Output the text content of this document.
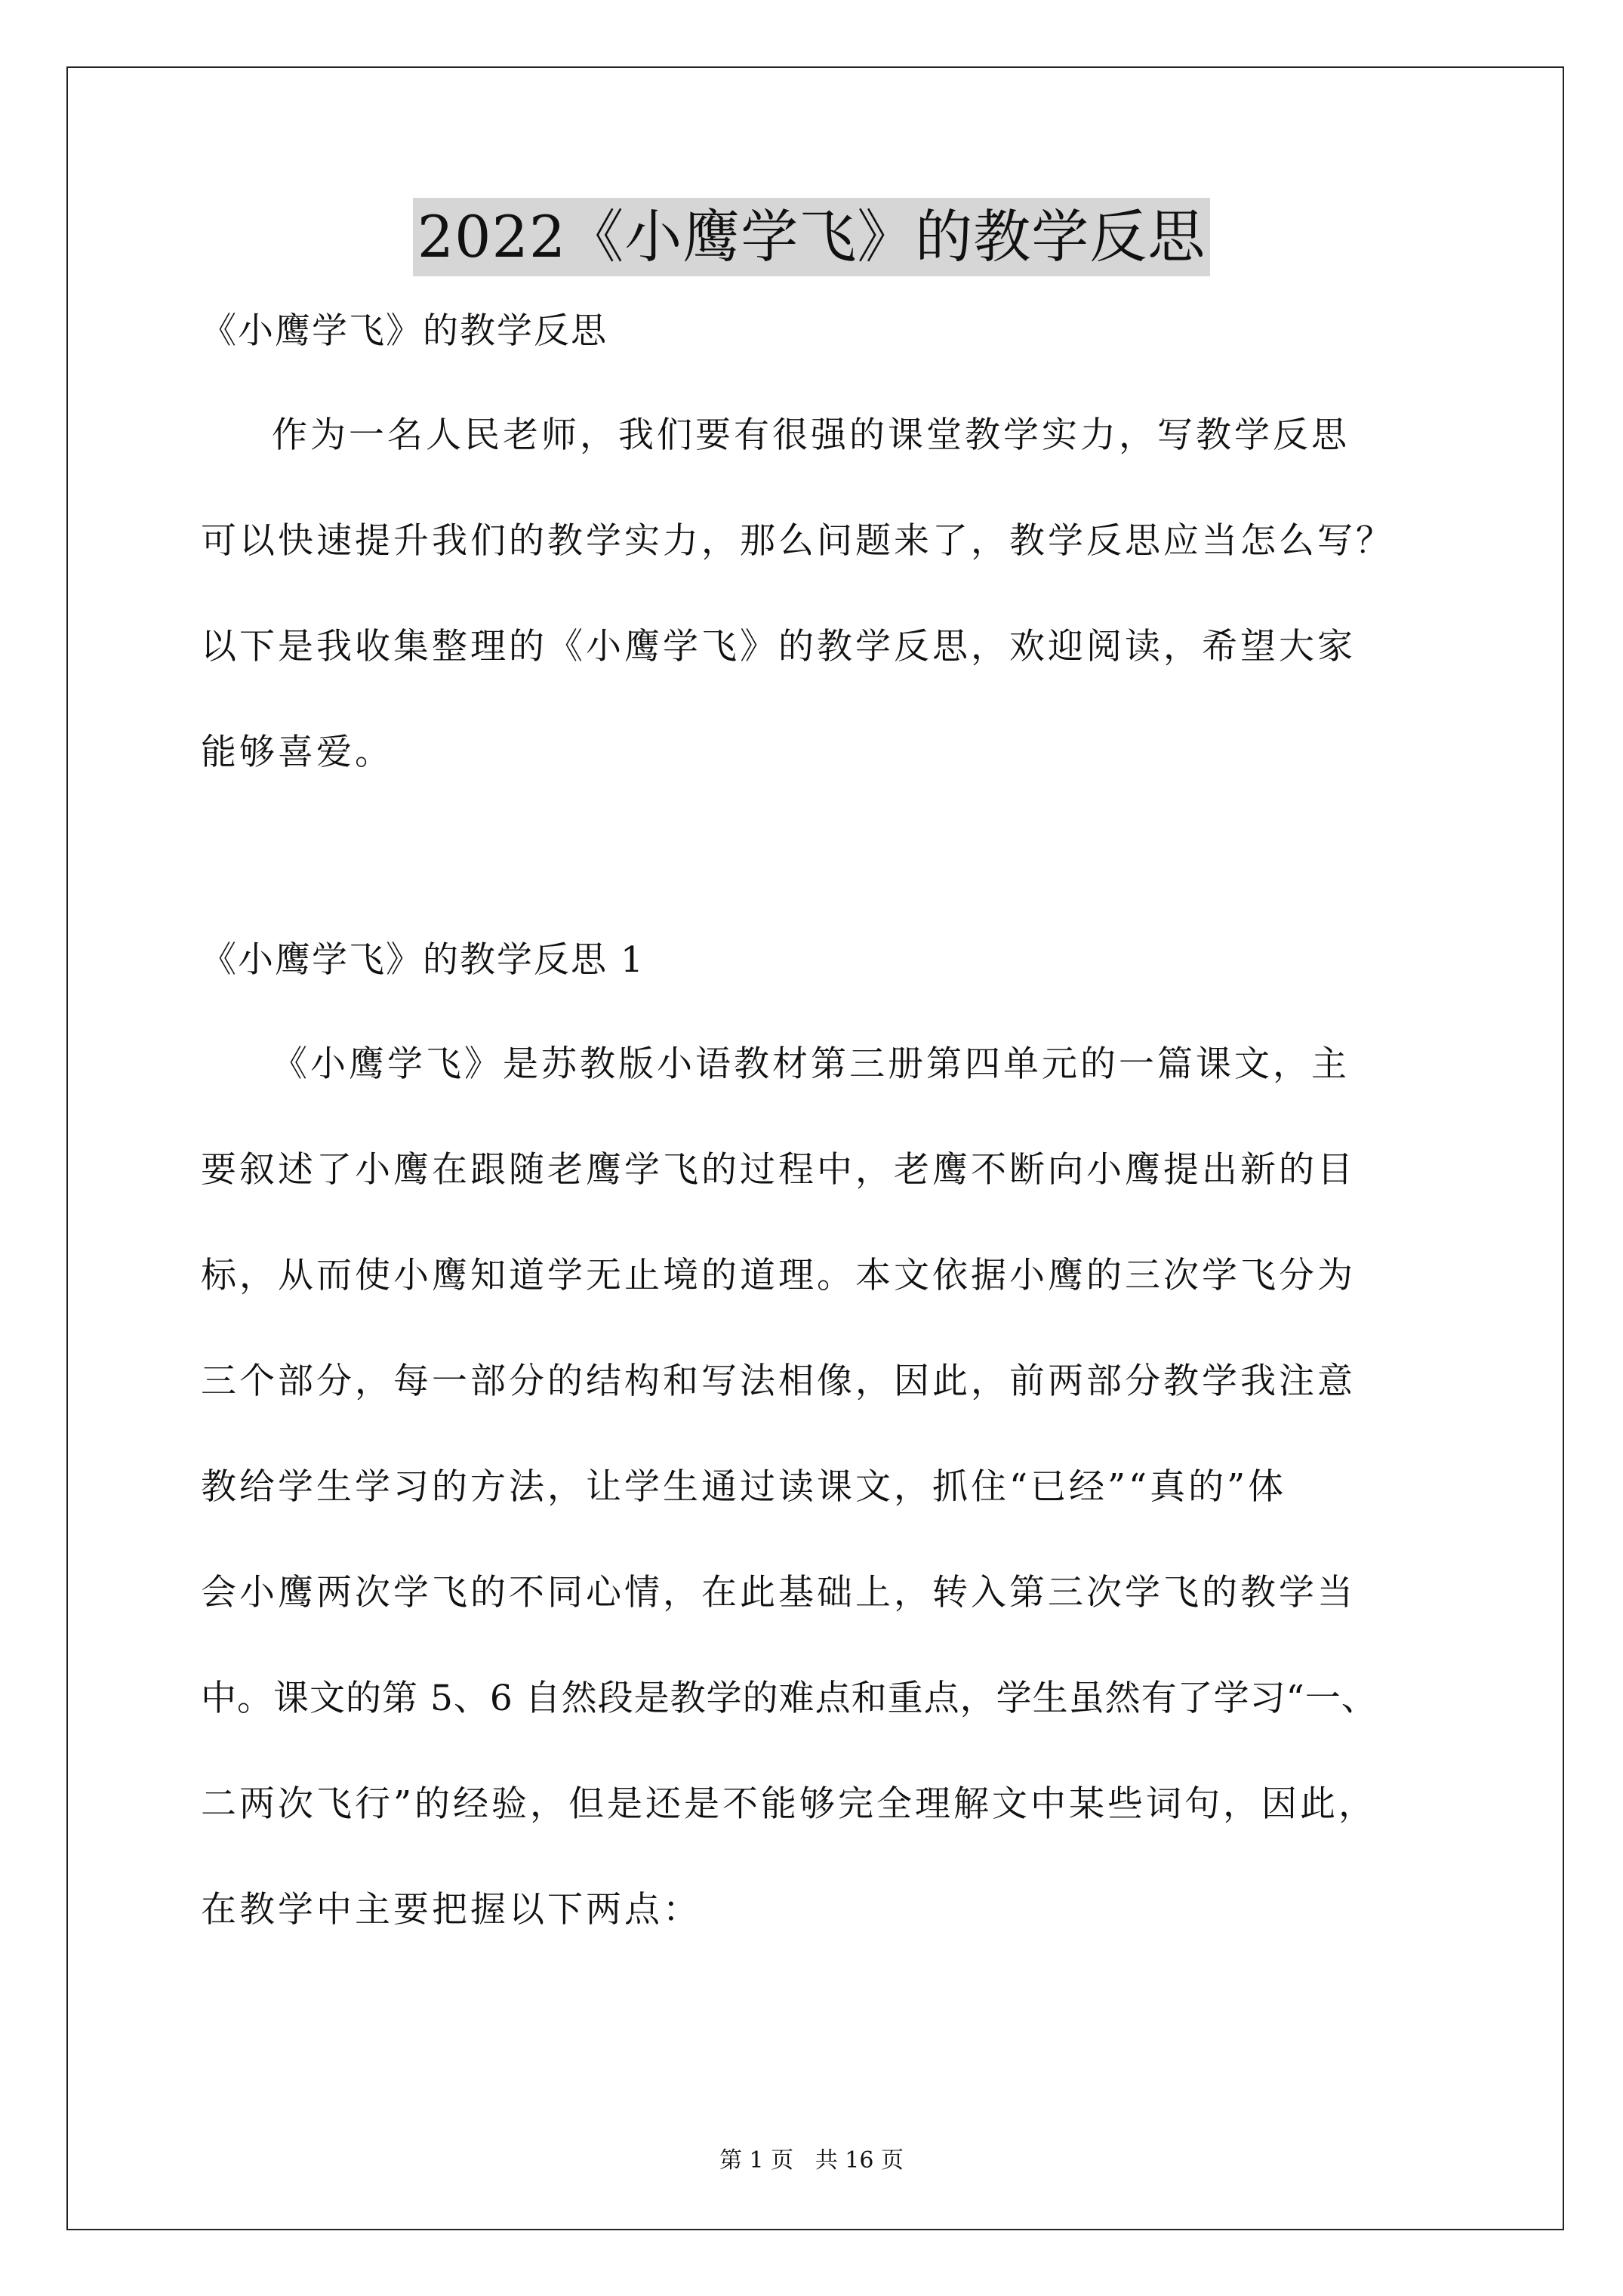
2022《小鹰学飞》的教学反思
《小鹰学飞》的教学反思
作为一名人民老师，我们要有很强的课堂教学实力，写教学反思
可以快速提升我们的教学实力，那么问题来了，教学反思应当怎么写？
以下是我收集整理的《小鹰学飞》的教学反思，欢迎阅读，希望大家
能够喜爱。
《小鹰学飞》的教学反思 1
《小鹰学飞》是苏教版小语教材第三册第四单元的一篇课文，主
要叙述了小鹰在跟随老鹰学飞的过程中，老鹰不断向小鹰提出新的目
标，从而使小鹰知道学无止境的道理。本文依据小鹰的三次学飞分为
三个部分，每一部分的结构和写法相像，因此，前两部分教学我注意
教给学生学习的方法，让学生通过读课文，抓住“已经”“真的”体
会小鹰两次学飞的不同心情，在此基础上，转入第三次学飞的教学当
中。课文的第 5、6 自然段是教学的难点和重点，学生虽然有了学习“一、
二两次飞行”的经验，但是还是不能够完全理解文中某些词句，因此，
在教学中主要把握以下两点：
第 1 页 共 16 页
